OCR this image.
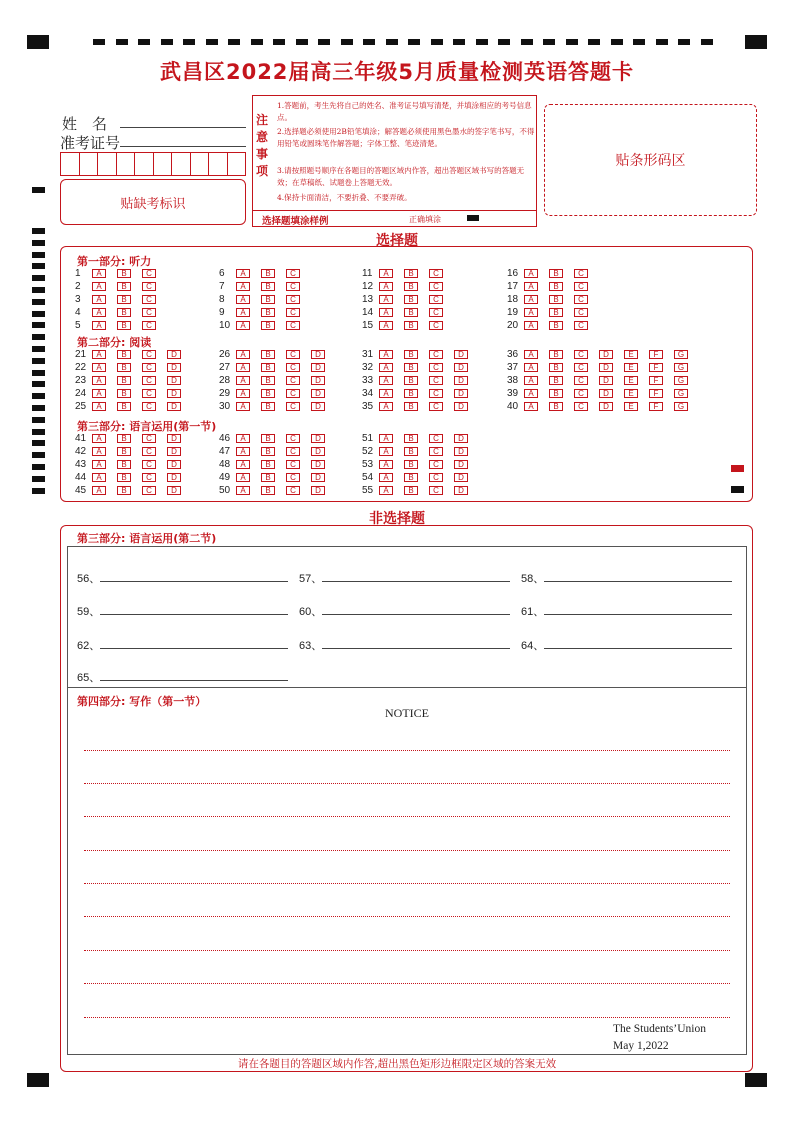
武昌区2022届高三年级5月质量检测英语答题卡
姓　名
准考证号
贴缺考标识
注意事项
1.答题前，考生先将自己的姓名、准考证号填写清楚，并填涂相应的考号信息点。
2.选择题必须使用2B铅笔填涂；解答题必须使用黑色墨水的签字笔书写，不得用铅笔或圆珠笔作解答题；字体工整、笔迹清楚。
3.请按照题号顺序在各题目的答题区域内作答，超出答题区域书写的答题无效；在草稿纸、试题卷上答题无效。
4.保持卡面清洁，不要折叠、不要弄破。
选择题填涂样例	正确填涂
贴条形码区
选择题
第一部分: 听力
第二部分: 阅读
第三部分: 语言运用(第一节)
1	A	B	C
2	A	B	C
3	A	B	C
4	A	B	C
5	A	B	C
6	A	B	C
7	A	B	C
8	A	B	C
9	A	B	C
10	A	B	C
11	A	B	C
12	A	B	C
13	A	B	C
14	A	B	C
15	A	B	C
16	A	B	C
17	A	B	C
18	A	B	C
19	A	B	C
20	A	B	C
21	A	B	C	D
22	A	B	C	D
23	A	B	C	D
24	A	B	C	D
25	A	B	C	D
26	A	B	C	D
27	A	B	C	D
28	A	B	C	D
29	A	B	C	D
30	A	B	C	D
31	A	B	C	D
32	A	B	C	D
33	A	B	C	D
34	A	B	C	D
35	A	B	C	D
36	A	B	C	D	E	F	G
37	A	B	C	D	E	F	G
38	A	B	C	D	E	F	G
39	A	B	C	D	E	F	G
40	A	B	C	D	E	F	G
41	A	B	C	D
42	A	B	C	D
43	A	B	C	D
44	A	B	C	D
45	A	B	C	D
46	A	B	C	D
47	A	B	C	D
48	A	B	C	D
49	A	B	C	D
50	A	B	C	D
51	A	B	C	D
52	A	B	C	D
53	A	B	C	D
54	A	B	C	D
55	A	B	C	D
非选择题
第三部分: 语言运用(第二节)
56、	57、	58、
59、	60、	61、
62、	63、	64、
65、
第四部分: 写作（第一节）
NOTICE
The Students’Union
May 1,2022
请在各题目的答题区域内作答,超出黑色矩形边框限定区域的答案无效
